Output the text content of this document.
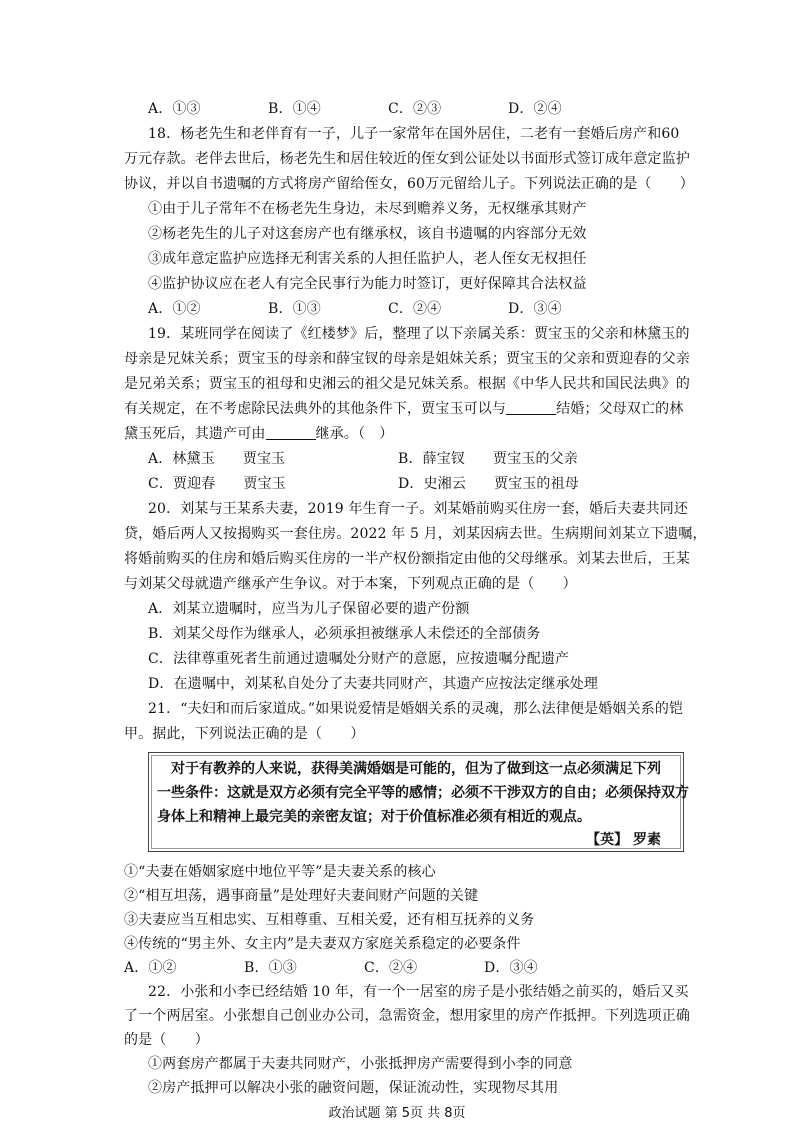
A．①③	B．①④	C．②③	D．②④
18．杨老先生和老伴育有一子，儿子一家常年在国外居住，二老有一套婚后房产和60
万元存款。老伴去世后，杨老先生和居住较近的侄女到公证处以书面形式签订成年意定监护
协议，并以自书遗嘱的方式将房产留给侄女，60万元留给儿子。下列说法正确的是（　　）
①由于儿子常年不在杨老先生身边，未尽到赡养义务，无权继承其财产
②杨老先生的儿子对这套房产也有继承权，该自书遗嘱的内容部分无效
③成年意定监护应选择无利害关系的人担任监护人，老人侄女无权担任
④监护协议应在老人有完全民事行为能力时签订，更好保障其合法权益
A．①②	B．①③	C．②④	D．③④
19．某班同学在阅读了《红楼梦》后，整理了以下亲属关系：贾宝玉的父亲和林黛玉的
母亲是兄妹关系；贾宝玉的母亲和薛宝钗的母亲是姐妹关系；贾宝玉的父亲和贾迎春的父亲
是兄弟关系；贾宝玉的祖母和史湘云的祖父是兄妹关系。根据《中华人民共和国民法典》的
有关规定，在不考虑除民法典外的其他条件下，贾宝玉可以与	结婚；父母双亡的林
黛玉死后，其遗产可由	继承。（　）
A．林黛玉 贾宝玉	B．薛宝钗 贾宝玉的父亲
C．贾迎春 贾宝玉	D．史湘云 贾宝玉的祖母
20．刘某与王某系夫妻，2019 年生育一子。刘某婚前购买住房一套，婚后夫妻共同还
贷，婚后两人又按揭购买一套住房。2022 年 5 月，刘某因病去世。生病期间刘某立下遗嘱，
将婚前购买的住房和婚后购买住房的一半产权份额指定由他的父母继承。刘某去世后，王某
与刘某父母就遗产继承产生争议。对于本案，下列观点正确的是（　　）
A．刘某立遗嘱时，应当为儿子保留必要的遗产份额
B．刘某父母作为继承人，必须承担被继承人未偿还的全部债务
C．法律尊重死者生前通过遗嘱处分财产的意愿，应按遗嘱分配遗产
D．在遗嘱中，刘某私自处分了夫妻共同财产，其遗产应按法定继承处理
21．“夫妇和而后家道成。”如果说爱情是婚姻关系的灵魂，那么法律便是婚姻关系的铠
甲。据此，下列说法正确的是（　　）
对于有教养的人来说，获得美满婚姻是可能的，但为了做到这一点必须满足下列
一些条件：这就是双方必须有完全平等的感情；必须不干涉双方的自由；必须保持双方
身体上和精神上最完美的亲密友谊；对于价值标准必须有相近的观点。
【英】 罗素
①“夫妻在婚姻家庭中地位平等”是夫妻关系的核心
②“相互坦荡，遇事商量”是处理好夫妻间财产问题的关键
③夫妻应当互相忠实、互相尊重、互相关爱，还有相互抚养的义务
④传统的“男主外、女主内”是夫妻双方家庭关系稳定的必要条件
A．①②	B．①③	C．②④	D．③④
22．小张和小李已经结婚 10 年，有一个一居室的房子是小张结婚之前买的，婚后又买
了一个两居室。小张想自己创业办公司，急需资金，想用家里的房产作抵押。下列选项正确
的是（　　）
①两套房产都属于夫妻共同财产，小张抵押房产需要得到小李的同意
②房产抵押可以解决小张的融资问题，保证流动性，实现物尽其用
政治试题 第 5页 共 8页
